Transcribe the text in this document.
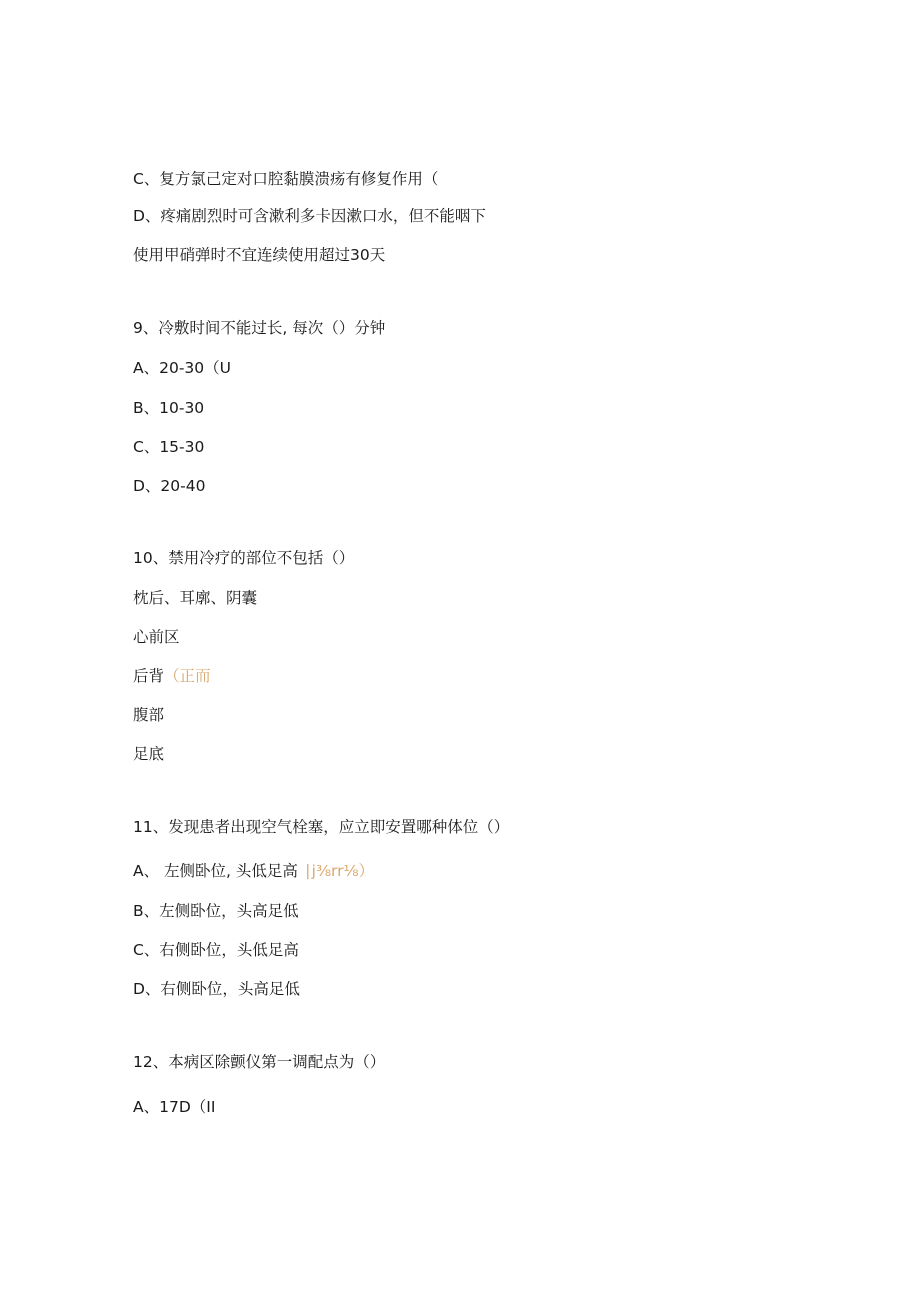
C、复方氯己定对口腔黏膜溃疡有修复作用（
D、疼痛剧烈时可含漱利多卡因漱口水，但不能咽下
使用甲硝弹时不宜连续使用超过30天
9、冷敷时间不能过长, 每次（）分钟
A、20-30（U
B、10-30
C、15-30
D、20-40
10、禁用冷疗的部位不包括（）
枕后、耳廓、阴囊
心前区
后背（正而
腹部
足底
11、发现患者出现空气栓塞，应立即安置哪种体位（）
A、 左侧卧位, 头低足高 ∣j⅜rr⅛）
B、左侧卧位，头高足低
C、右侧卧位，头低足高
D、右侧卧位，头高足低
12、本病区除颤仪第一调配点为（）
A、17D（II
